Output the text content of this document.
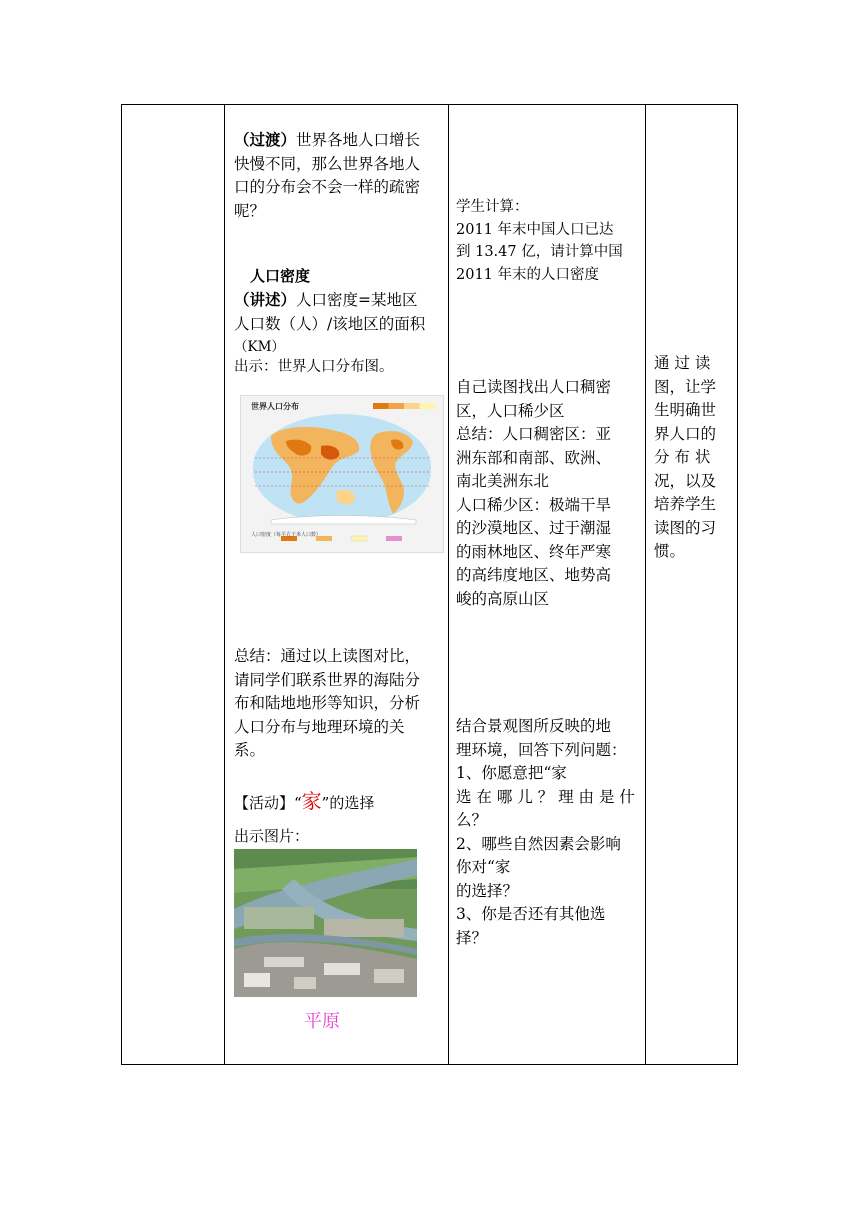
（过渡）世界各地人口增长
快慢不同，那么世界各地人
口的分布会不会一样的疏密
呢？
人口密度
（讲述）人口密度=某地区
人口数（人）/该地区的面积
（KM）
出示：世界人口分布图。
世界人口分布
人口密度（每平方千米人口数）
总结：通过以上读图对比，
请同学们联系世界的海陆分
布和陆地地形等知识，分析
人口分布与地理环境的关
系。
【活动】“家”的选择
出示图片：
平原
学生计算：
2011 年末中国人口已达
到 13.47 亿，请计算中国
2011 年末的人口密度
自己读图找出人口稠密
区，人口稀少区
总结：人口稠密区：亚
洲东部和南部、欧洲、
南北美洲东北
人口稀少区：极端干旱
的沙漠地区、过于潮湿
的雨林地区、终年严寒
的高纬度地区、地势高
峻的高原山区
结合景观图所反映的地
理环境，回答下列问题：
1、你愿意把“家
选 在 哪 儿 ？ 理 由 是 什
么？
2、哪些自然因素会影响
你对“家
的选择？
3、你是否还有其他选
择？
通 过 读
图，让学
生明确世
界人口的
分 布 状
况，以及
培养学生
读图的习
惯。
